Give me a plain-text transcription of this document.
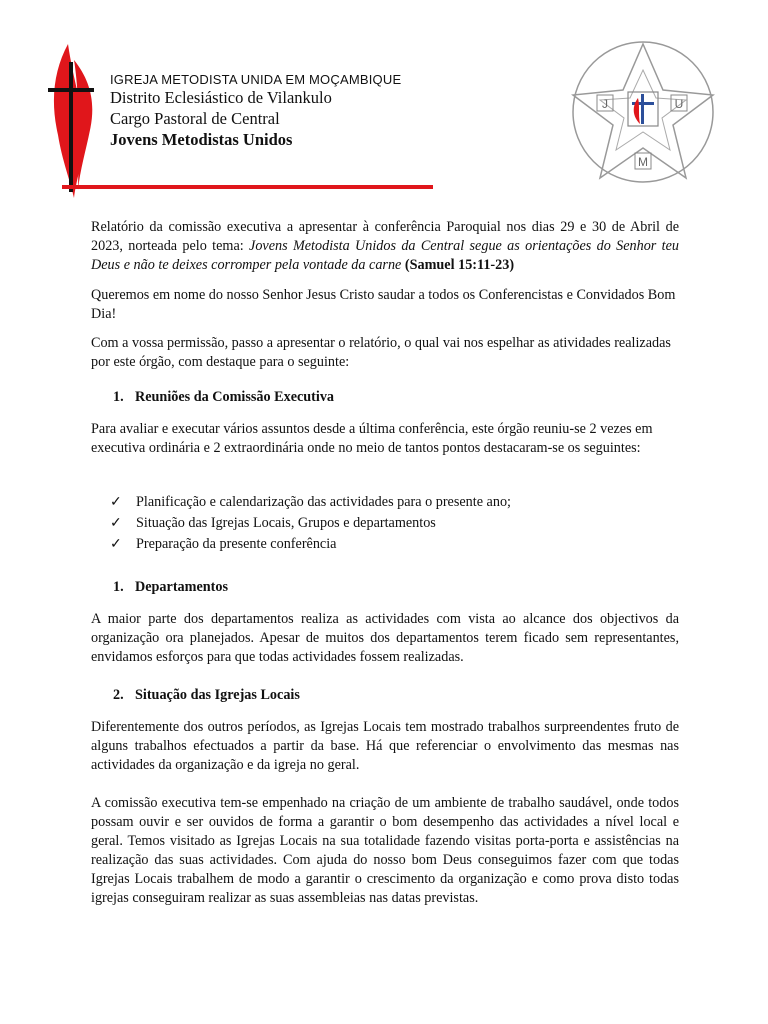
IGREJA METODISTA UNIDA EM MOÇAMBIQUE
Distrito Eclesiástico de Vilankulo
Cargo Pastoral de Central
Jovens Metodistas Unidos
J	U
M

Relatório da comissão executiva a apresentar à conferência Paroquial nos dias 29 e 30 de Abril de 2023, norteada pelo tema: Jovens Metodista Unidos da Central segue as orientações do Senhor teu Deus e não te deixes corromper pela vontade da carne (Samuel 15:11-23)

Queremos em nome do nosso Senhor Jesus Cristo saudar a todos os Conferencistas e Convidados Bom Dia!

Com a vossa permissão, passo a apresentar o relatório, o qual vai nos espelhar as atividades realizadas por este órgão, com destaque para o seguinte:

1. Reuniões da Comissão Executiva

Para avaliar e executar vários assuntos desde a última conferência, este órgão reuniu-se 2 vezes em executiva ordinária e 2 extraordinária onde no meio de tantos pontos destacaram-se os seguintes:

✓ Planificação e calendarização das actividades para o presente ano;
✓ Situação das Igrejas Locais, Grupos e departamentos
✓ Preparação da presente conferência
1. Departamentos

A maior parte dos departamentos realiza as actividades com vista ao alcance dos objectivos da organização ora planejados. Apesar de muitos dos departamentos terem ficado sem representantes, envidamos esforços para que todas actividades fossem realizadas.

2. Situação das Igrejas Locais

Diferentemente dos outros períodos, as Igrejas Locais tem mostrado trabalhos surpreendentes fruto de alguns trabalhos efectuados a partir da base. Há que referenciar o envolvimento das mesmas nas actividades da organização e da igreja no geral.

A comissão executiva tem-se empenhado na criação de um ambiente de trabalho saudável, onde todos possam ouvir e ser ouvidos de forma a garantir o bom desempenho das actividades a nível local e geral. Temos visitado as Igrejas Locais na sua totalidade fazendo visitas porta-porta e assistências na realização das suas actividades. Com ajuda do nosso bom Deus conseguimos fazer com que todas Igrejas Locais trabalhem de modo a garantir o crescimento da organização e como prova disto todas igrejas conseguiram realizar as suas assembleias nas datas previstas.
